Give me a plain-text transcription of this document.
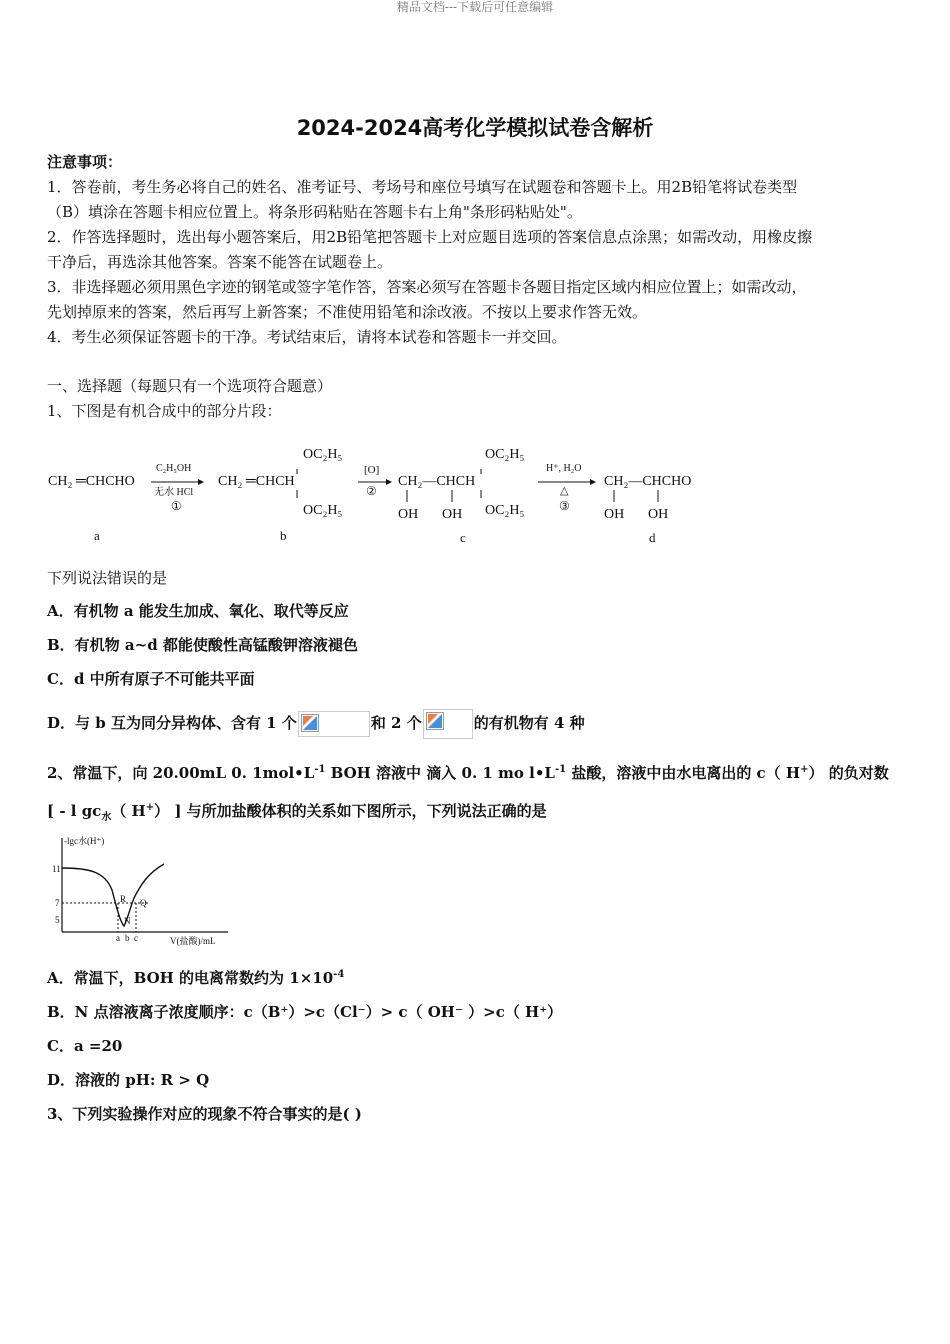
精品文档---下载后可任意编辑
2024-2024高考化学模拟试卷含解析
注意事项：
1．答卷前，考生务必将自己的姓名、准考证号、考场号和座位号填写在试题卷和答题卡上。用2B铅笔将试卷类型
（B）填涂在答题卡相应位置上。将条形码粘贴在答题卡右上角"条形码粘贴处"。
2．作答选择题时，选出每小题答案后，用2B铅笔把答题卡上对应题目选项的答案信息点涂黑；如需改动，用橡皮擦
干净后，再选涂其他答案。答案不能答在试题卷上。
3．非选择题必须用黑色字迹的钢笔或签字笔作答，答案必须写在答题卡各题目指定区域内相应位置上；如需改动，
先划掉原来的答案，然后再写上新答案；不准使用铅笔和涂改液。不按以上要求作答无效。
4．考生必须保证答题卡的干净。考试结束后，请将本试卷和答题卡一并交回。
一、选择题（每题只有一个选项符合题意）
1、下图是有机合成中的部分片段：
CH₂ ═CHCHO
C₂H₅OH
无水 HCl
①
CH₂ ═CHCH
OC₂H₅
OC₂H₅
[O]
②
CH₂—CHCH
OH OH
OC₂H₅
OC₂H₅
H⁺, H₂O
△
③
CH₂—CHCHO
OH OH
a	b	c	d
下列说法错误的是
A．有机物 a 能发生加成、氧化、取代等反应
B．有机物 a~d 都能使酸性高锰酸钾溶液褪色
C．d 中所有原子不可能共平面
D．与 b 互为同分异构体、含有 1 个	和 2 个	的有机物有 4 种
2、常温下，向 20.00mL 0. $1mol•L^{-1}$ BOH 溶液中 滴入 0. 1 mo $l•L^{-1}$ 盐酸，溶液中由水电离出的 c（ H+） 的负对数
[ - l $gc_水$（ H+） ] 与所加盐酸体积的关系如下图所示，下列说法正确的是
-lgc水(H⁺)
11
7
5
R
N
Q
a b c	V(盐酸)/mL
A．常温下，BOH 的电离常数约为 $1\times 10^{-4}$
B．N 点溶液离子浓度顺序：c（B⁺）>c（Cl⁻）> c（ OH⁻ ）>c（ H⁺）
C．a =20
D．溶液的 pH: R > Q
3、下列实验操作对应的现象不符合事实的是( )
